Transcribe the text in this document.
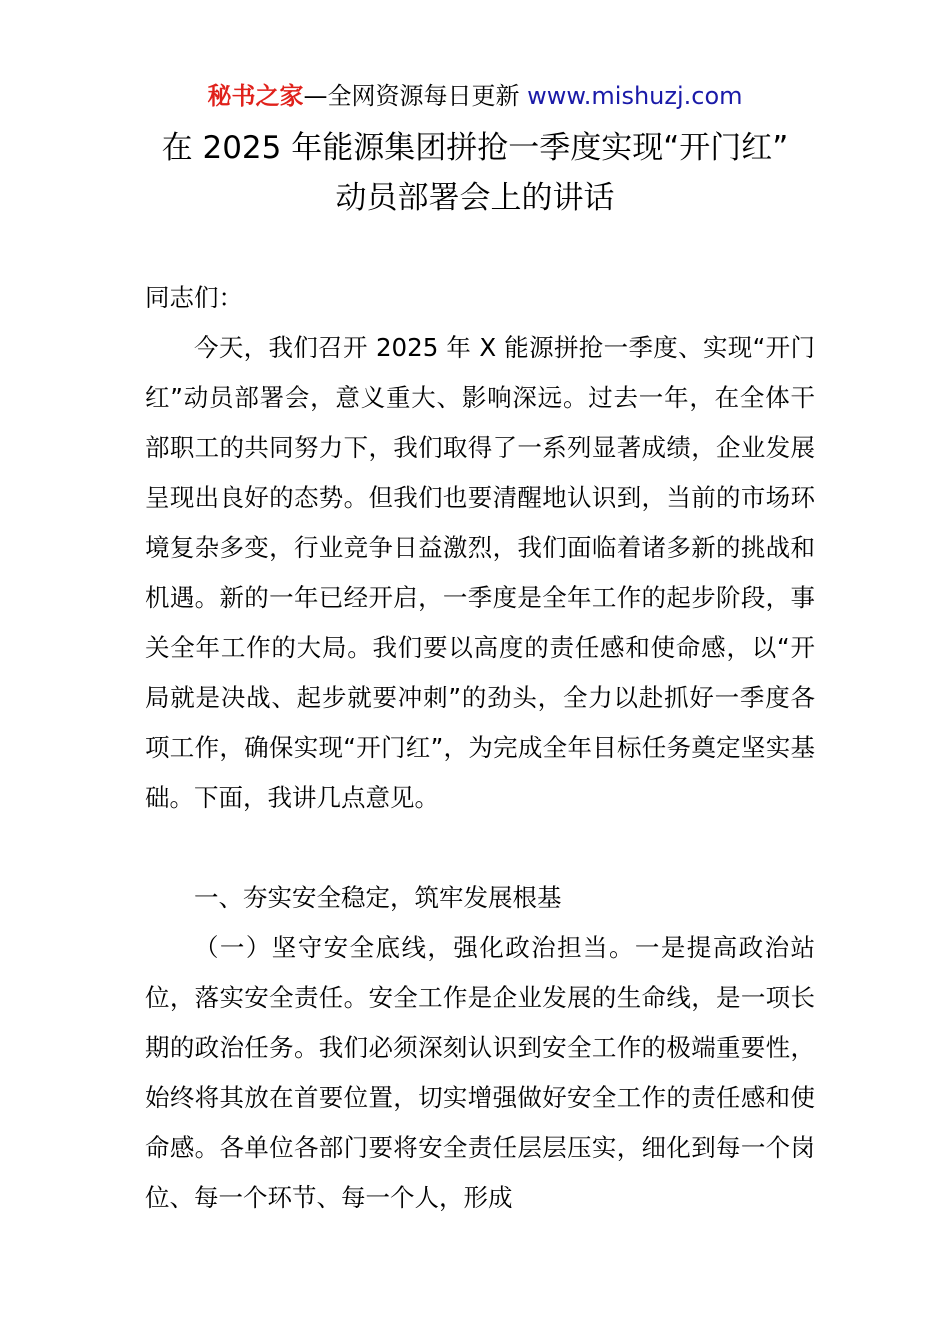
秘书之家—全网资源每日更新 www.mishuzj.com
在 2025 年能源集团拼抢一季度实现“开门红”
动员部署会上的讲话
同志们：

今天，我们召开 2025 年 X 能源拼抢一季度、实现“开门红”动员部署会，意义重大、影响深远。过去一年，在全体干部职工的共同努力下，我们取得了一系列显著成绩，企业发展呈现出良好的态势。但我们也要清醒地认识到，当前的市场环境复杂多变，行业竞争日益激烈，我们面临着诸多新的挑战和机遇。新的一年已经开启，一季度是全年工作的起步阶段，事关全年工作的大局。我们要以高度的责任感和使命感，以“开局就是决战、起步就要冲刺”的劲头，全力以赴抓好一季度各项工作，确保实现“开门红”，为完成全年目标任务奠定坚实基础。下面，我讲几点意见。

一、夯实安全稳定，筑牢发展根基

（一）坚守安全底线，强化政治担当。一是提高政治站位，落实安全责任。安全工作是企业发展的生命线，是一项长期的政治任务。我们必须深刻认识到安全工作的极端重要性，始终将其放在首要位置，切实增强做好安全工作的责任感和使命感。各单位各部门要将安全责任层层压实，细化到每一个岗位、每一个环节、每一个人，形成
